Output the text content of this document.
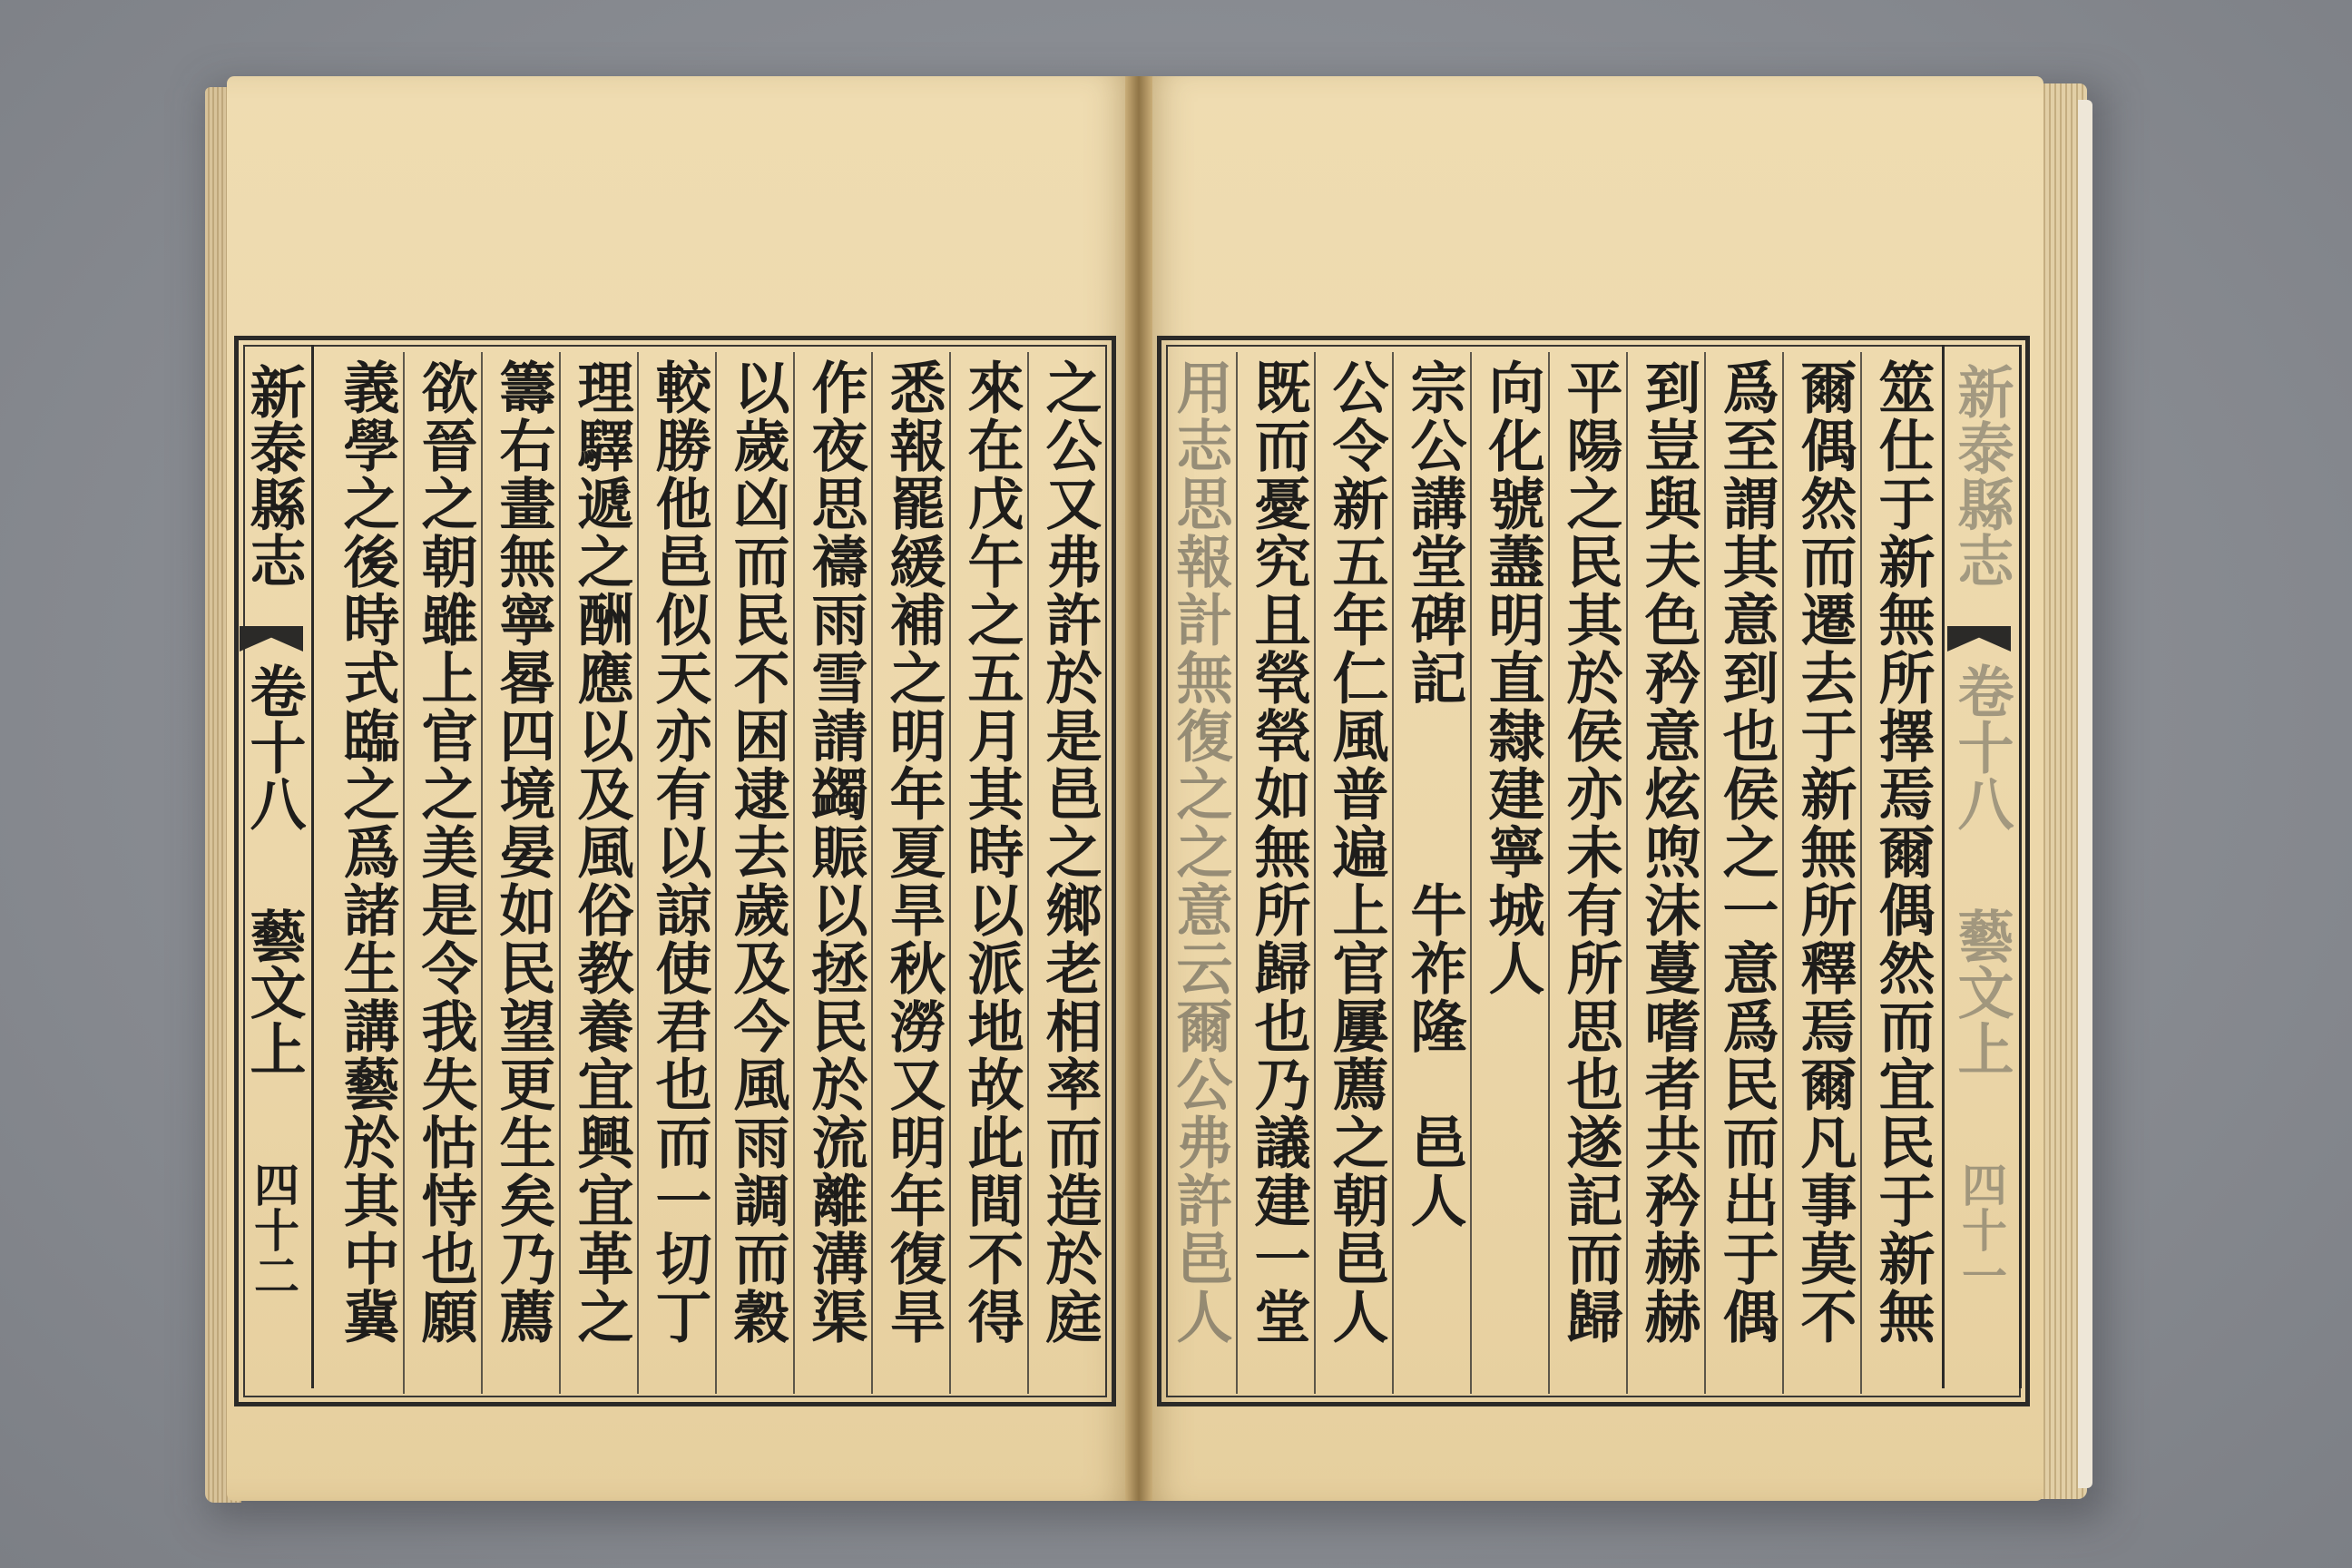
新泰縣志
卷十八
藝文上
四十二
之公又弗許於是邑之鄉老相率而造於庭
來在戊午之五月其時以派地故此間不得
悉報罷緩補之明年夏旱秋澇又明年復旱
作夜思禱雨雪請蠲賑以拯民於流離溝渠
以歲凶而民不困逮去歲及今風雨調而穀
較勝他邑似天亦有以諒使君也而一切丁
理驛遞之酬應以及風俗教養宜興宜革之
籌右畫無寧晷四境晏如民望更生矣乃薦
欲晉之朝雖上官之美是令我失怙恃也願
義學之後時式臨之爲諸生講藝於其中冀
新泰縣志
卷十八
藝文上
四十一
筮仕于新無所擇焉爾偶然而宜民于新無
爾偶然而遷去于新無所釋焉爾凡事莫不
爲至謂其意到也侯之一意爲民而出于偶
到豈與夫色矜意炫喣沫蔓嗜者共矜赫赫
平陽之民其於侯亦未有所思也遂記而歸
向化號藎明直隸建寧城人
宗公講堂碑記　　　牛祚隆　邑人
公令新五年仁風普遍上官屢薦之朝邑人
既而憂究且煢煢如無所歸也乃議建一堂
用志思報計無復之之意云爾公弗許邑人
